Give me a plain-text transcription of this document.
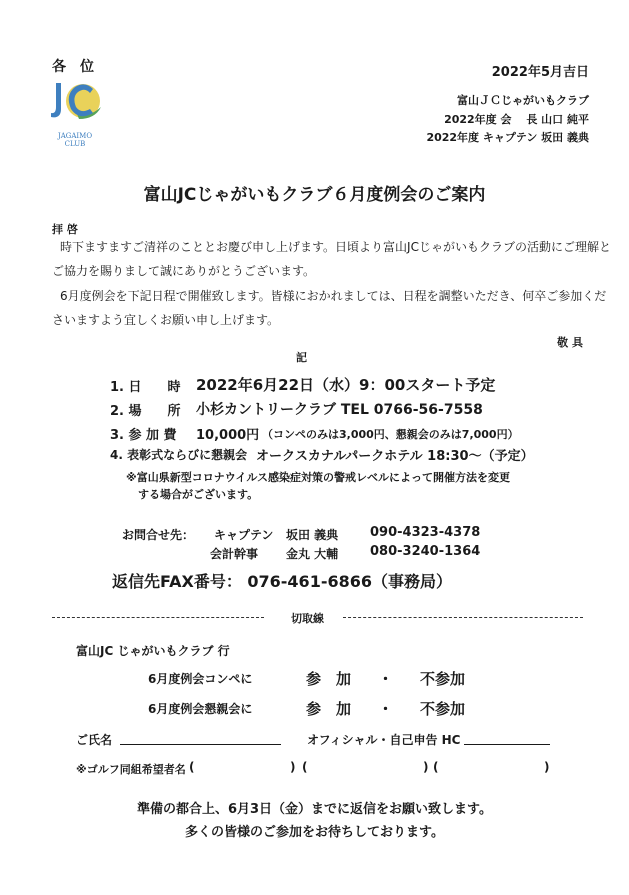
各　位	2022年5月吉日
JAGAIMO
CLUB
富山ＪＣじゃがいもクラブ
2022年度 会　 長 山口 純平
2022年度 キャプテン 坂田 義典
富山JCじゃがいもクラブ６月度例会のご案内
拝 啓
時下ますますご清祥のこととお慶び申し上げます。日頃より富山JCじゃがいもクラブの活動にご理解と
ご協力を賜りまして誠にありがとうございます。
6月度例会を下記日程で開催致します。皆様におかれましては、日程を調整いただき、何卒ご参加くだ
さいますよう宜しくお願い申し上げます。
敬 具
記
1. 日　　時 2022年6月22日（水）9：00スタート予定
2. 場　　所 小杉カントリークラブ TEL 0766-56-7558
3. 参 加 費 10,000円 （コンペのみは3,000円、懇親会のみは7,000円）
4. 表彰式ならびに懇親会 オークスカナルパークホテル 18:30～（予定）
※富山県新型コロナウイルス感染症対策の警戒レベルによって開催方法を変更
する場合がございます。
お問合せ先： キャプテン 坂田 義典 090-4323-4378
会計幹事 金丸 大輔 080-3240-1364
返信先FAX番号： 076-461-6866（事務局）
切取線
富山JC じゃがいもクラブ 行
6月度例会コンペに	参　加 ・ 不参加
6月度例会懇親会に	参　加 ・ 不参加
ご氏名	オフィシャル・自己申告 HC
※ゴルフ同組希望者名 (	) (	) (	)
準備の都合上、6月3日（金）までに返信をお願い致します。
多くの皆様のご参加をお待ちしております。
